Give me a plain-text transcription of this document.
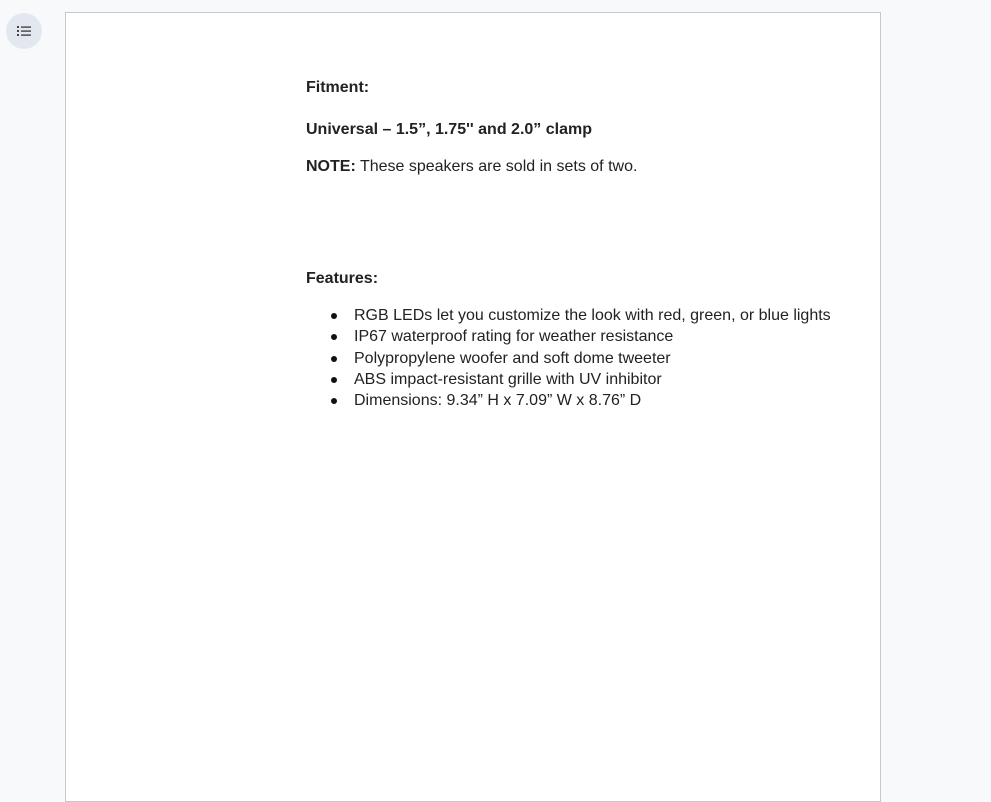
Fitment:

Universal – 1.5”, 1.75'' and 2.0” clamp

NOTE: These speakers are sold in sets of two.

Features:

RGB LEDs let you customize the look with red, green, or blue lights
IP67 waterproof rating for weather resistance
Polypropylene woofer and soft dome tweeter
ABS impact-resistant grille with UV inhibitor
Dimensions: 9.34” H x 7.09” W x 8.76” D
